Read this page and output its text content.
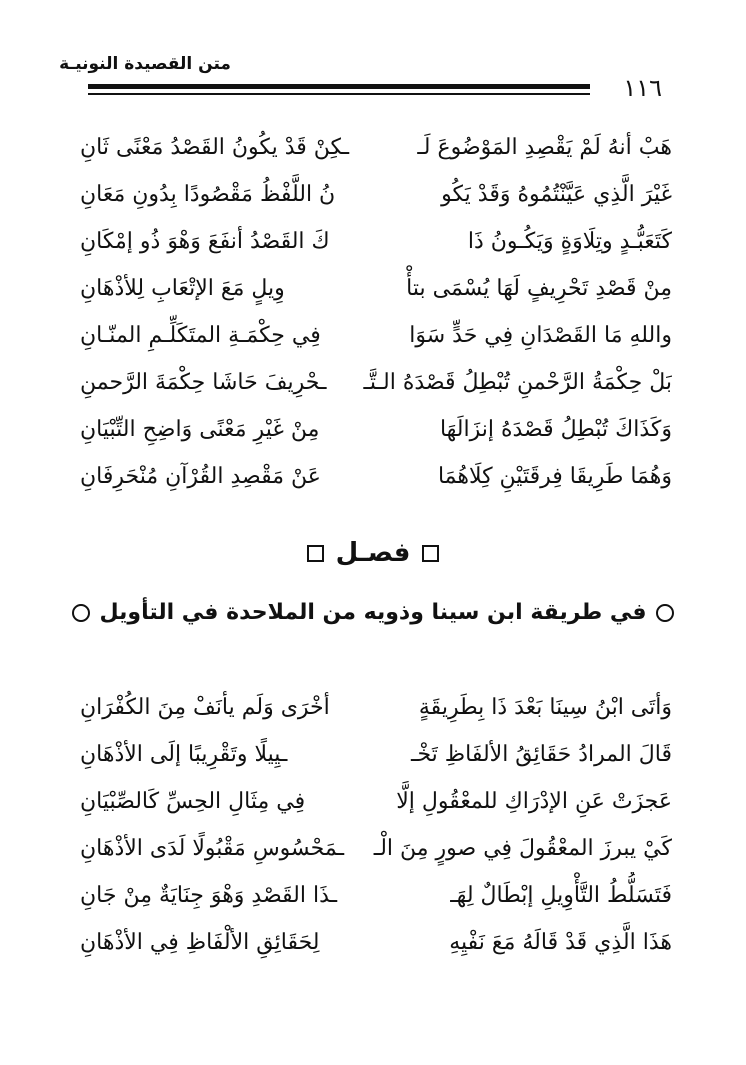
متن القصيدة النونيـة
١١٦
هَبْ أنهُ لَمْ يَقْصِدِ المَوْضُوعَ لَـ
ـكِنْ قَدْ يكُونُ القَصْدُ مَعْنًى ثَانِ
غَيْرَ الَّذِي عَيَّنْتُمُوهُ وَقَدْ يَكُو
نُ اللَّفْظُ مَقْصُودًا بِدُونِ مَعَانِ
كَتَعَبُّـدٍ وتِلَاوَةٍ وَيَكُـونُ ذَا
كَ القَصْدُ أنفَعَ وَهْوَ ذُو إمْكَانِ
مِنْ قَصْدِ تَحْرِيفٍ لَهَا يُسْمَى بتأْ
وِيلٍ مَعَ الإتْعَابِ لِلأذْهَانِ
واللهِ مَا القَصْدَانِ فِي حَدٍّ سَوَا
فِي حِكْمَـةِ المتَكَلِّـمِ المنّـانِ
بَلْ حِكْمَةُ الرَّحْمنِ تُبْطِلُ قَصْدَهُ الـتَّـ
ـحْرِيفَ حَاشَا حِكْمَةَ الرَّحمنِ
وَكَذَاكَ تُبْطِلُ قَصْدَهُ إنزَالَهَا
مِنْ غَيْرِ مَعْنًى وَاضِحِ التِّبْيَانِ
وَهُمَا طَرِيقَا فِرقَتَيْنِ كِلَاهُمَا
عَنْ مَقْصِدِ القُرْآنِ مُنْحَرِفَانِ
فصـل
في طريقة ابن سينا وذويه من الملاحدة في التأويل
وَأتَى ابْنُ سِينَا بَعْدَ ذَا بِطَرِيقَةٍ
أخْرَى وَلَم يأنَفْ مِنَ الكُفْرَانِ
قَالَ المرادُ حَقَائِقُ الألفَاظِ تَخْـ
ـيِيلًا وتَقْرِيبًا إلَى الأذْهَانِ
عَجزَتْ عَنِ الإدْرَاكِ للمعْقُولِ إلَّا
فِي مِثَالِ الحِسِّ كَالصِّبْيَانِ
كَيْ يبرزَ المعْقُولَ فِي صورٍ مِنَ الْـ
ـمَحْسُوسِ مَقْبُولًا لَدَى الأذْهَانِ
فَتَسَلُّطُ التَّأْوِيلِ إبْطَالٌ لِهَـ
ـذَا القَصْدِ وَهْوَ جِنَايَةٌ مِنْ جَانِ
هَذَا الَّذِي قَدْ قَالَهُ مَعَ نَفْيِهِ
لِحَقَائِقِ الألْفَاظِ فِي الأذْهَانِ
